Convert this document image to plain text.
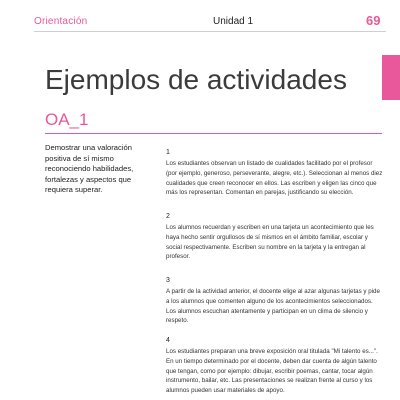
Orientación	Unidad 1	69
Ejemplos de actividades
OA_1

Demostrar una valoración positiva de sí mismo reconociendo habilidades, fortalezas y aspectos que requiera superar.

1

Los estudiantes observan un listado de cualidades facilitado por el profesor (por ejemplo, generoso, perseverante, alegre, etc.). Seleccionan al menos diez cualidades que creen reconocer en ellos. Las escriben y eligen las cinco que más los representan. Comentan en parejas, justificando su elección.

2

Los alumnos recuerdan y escriben en una tarjeta un acontecimiento que les haya hecho sentir orgullosos de sí mismos en el ámbito familiar, escolar y social respectivamente. Escriben su nombre en la tarjeta y la entregan al profesor.

3

A partir de la actividad anterior, el docente elige al azar algunas tarjetas y pide a los alumnos que comenten alguno de los acontecimientos seleccionados. Los alumnos escuchan atentamente y participan en un clima de silencio y respeto.

4

Los estudiantes preparan una breve exposición oral titulada "Mi talento es...". En un tiempo determinado por el docente, deben dar cuenta de algún talento que tengan, como por ejemplo: dibujar, escribir poemas, cantar, tocar algún instrumento, bailar, etc. Las presentaciones se realizan frente al curso y los alumnos pueden usar materiales de apoyo.
